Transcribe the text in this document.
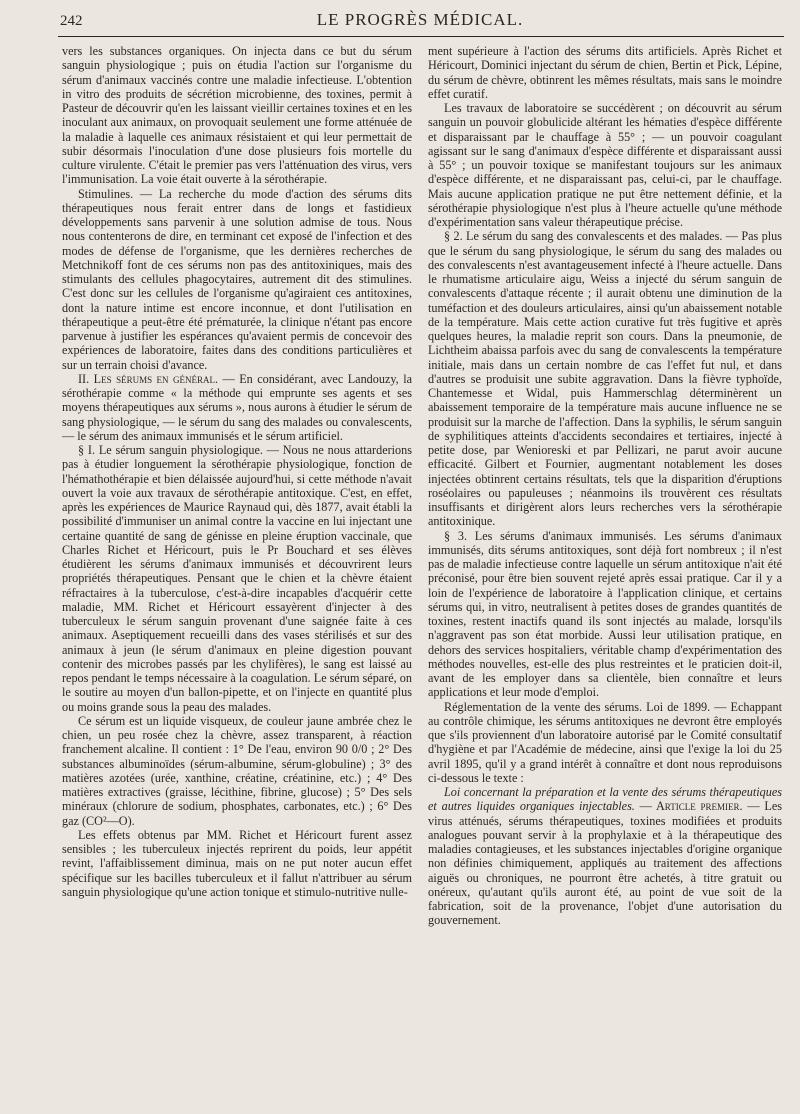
242	LE PROGRÈS MÉDICAL.

vers les substances organiques. On injecta dans ce but du sérum sanguin physiologique ; puis on étudia l'action sur l'organisme du sérum d'animaux vaccinés contre une maladie infectieuse. L'obtention in vitro des produits de sécrétion microbienne, des toxines, permit à Pasteur de découvrir qu'en les laissant vieillir certaines toxines et en les inoculant aux animaux, on provoquait seulement une forme atténuée de la maladie à laquelle ces animaux résistaient et qui leur permettait de subir désormais l'inoculation d'une dose plusieurs fois mortelle du culture virulente. C'était le premier pas vers l'atténuation des virus, vers l'immunisation. La voie était ouverte à la sérothérapie.

Stimulines. — La recherche du mode d'action des sérums dits thérapeutiques nous ferait entrer dans de longs et fastidieux développements sans parvenir à une solution admise de tous. Nous nous contenterons de dire, en terminant cet exposé de l'infection et des modes de défense de l'organisme, que les dernières recherches de Metchnikoff font de ces sérums non pas des antitoxiniques, mais des stimulants des cellules phagocytaires, autrement dit des stimulines. C'est donc sur les cellules de l'organisme qu'agiraient ces antitoxines, dont la nature intime est encore inconnue, et dont l'utilisation en thérapeutique a peut-être été prématurée, la clinique n'étant pas encore parvenue à justifier les espérances qu'avaient permis de concevoir des expériences de laboratoire, faites dans des conditions particulières et sur un terrain choisi d'avance.

II. Les sérums en général. — En considérant, avec Landouzy, la sérothérapie comme « la méthode qui emprunte ses agents et ses moyens thérapeutiques aux sérums », nous aurons à étudier le sérum de sang physiologique, — le sérum du sang des malades ou convalescents, — le sérum des animaux immunisés et le sérum artificiel.

§ I. Le sérum sanguin physiologique. — Nous ne nous attarderions pas à étudier longuement la sérothérapie physiologique, fonction de l'hémathothérapie et bien délaissée aujourd'hui, si cette méthode n'avait ouvert la voie aux travaux de sérothérapie antitoxique. C'est, en effet, après les expériences de Maurice Raynaud qui, dès 1877, avait établi la possibilité d'immuniser un animal contre la vaccine en lui injectant une certaine quantité de sang de génisse en pleine éruption vaccinale, que Charles Richet et Héricourt, puis le Pr Bouchard et ses élèves étudièrent les sérums d'animaux immunisés et découvrirent leurs propriétés thérapeutiques. Pensant que le chien et la chèvre étaient réfractaires à la tuberculose, c'est-à-dire incapables d'acquérir cette maladie, MM. Richet et Héricourt essayèrent d'injecter à des tuberculeux le sérum sanguin provenant d'une saignée faite à ces animaux. Aseptiquement recueilli dans des vases stérilisés et sur des animaux à jeun (le sérum d'animaux en pleine digestion pouvant contenir des microbes passés par les chylifères), le sang est laissé au repos pendant le temps nécessaire à la coagulation. Le sérum séparé, on le soutire au moyen d'un ballon-pipette, et on l'injecte en quantité plus ou moins grande sous la peau des malades.

Ce sérum est un liquide visqueux, de couleur jaune ambrée chez le chien, un peu rosée chez la chèvre, assez transparent, à réaction franchement alcaline. Il contient : 1° De l'eau, environ 90 0/0 ; 2° Des substances albuminoïdes (sérum-albumine, sérum-globuline) ; 3° des matières azotées (urée, xanthine, créatine, créatinine, etc.) ; 4° Des matières extractives (graisse, lécithine, fibrine, glucose) ; 5° Des sels minéraux (chlorure de sodium, phosphates, carbonates, etc.) ; 6° Des gaz (CO²—O).

Les effets obtenus par MM. Richet et Héricourt furent assez sensibles ; les tuberculeux injectés reprirent du poids, leur appétit revint, l'affaiblissement diminua, mais on ne put noter aucun effet spécifique sur les bacilles tuberculeux et il fallut n'attribuer au sérum sanguin physiologique qu'une action tonique et stimulo-nutritive nulle-

ment supérieure à l'action des sérums dits artificiels. Après Richet et Héricourt, Dominici injectant du sérum de chien, Bertin et Pick, Lépine, du sérum de chèvre, obtinrent les mêmes résultats, mais sans le moindre effet curatif.

Les travaux de laboratoire se succédèrent ; on découvrit au sérum sanguin un pouvoir globulicide altérant les hématies d'espèce différente et disparaissant par le chauffage à 55° ; — un pouvoir coagulant agissant sur le sang d'animaux d'espèce différente et disparaissant aussi à 55° ; un pouvoir toxique se manifestant toujours sur les animaux d'espèce différente, et ne disparaissant pas, celui-ci, par le chauffage. Mais aucune application pratique ne put être nettement définie, et la sérothérapie physiologique n'est plus à l'heure actuelle qu'une méthode d'expérimentation sans valeur thérapeutique précise.

§ 2. Le sérum du sang des convalescents et des malades. — Pas plus que le sérum du sang physiologique, le sérum du sang des malades ou des convalescents n'est avantageusement infecté à l'heure actuelle. Dans le rhumatisme articulaire aigu, Weiss a injecté du sérum sanguin de convalescents d'attaque récente ; il aurait obtenu une diminution de la tuméfaction et des douleurs articulaires, ainsi qu'un abaissement notable de la température. Mais cette action curative fut très fugitive et après quelques heures, la maladie reprit son cours. Dans la pneumonie, de Lichtheim abaissa parfois avec du sang de convalescents la température initiale, mais dans un certain nombre de cas l'effet fut nul, et dans d'autres se produisit une subite aggravation. Dans la fièvre typhoïde, Chantemesse et Widal, puis Hammerschlag déterminèrent un abaissement temporaire de la température mais aucune influence ne se produisit sur la marche de l'affection. Dans la syphilis, le sérum sanguin de syphilitiques atteints d'accidents secondaires et tertiaires, injecté à petite dose, par Wenioreski et par Pellizari, ne parut avoir aucune efficacité. Gilbert et Fournier, augmentant notablement les doses injectées obtinrent certains résultats, tels que la disparition d'éruptions roséolaires ou papuleuses ; néanmoins ils trouvèrent ces résultats insuffisants et dirigèrent alors leurs recherches vers la sérothérapie antitoxinique.

§ 3. Les sérums d'animaux immunisés. Les sérums d'animaux immunisés, dits sérums antitoxiques, sont déjà fort nombreux ; il n'est pas de maladie infectieuse contre laquelle un sérum antitoxique n'ait été préconisé, pour être bien souvent rejeté après essai pratique. Car il y a loin de l'expérience de laboratoire à l'application clinique, et certains sérums qui, in vitro, neutralisent à petites doses de grandes quantités de toxines, restent inactifs quand ils sont injectés au malade, lorsqu'ils n'aggravent pas son état morbide. Aussi leur utilisation pratique, en dehors des services hospitaliers, véritable champ d'expérimentation des méthodes nouvelles, est-elle des plus restreintes et le praticien doit-il, avant de les employer dans sa clientèle, bien connaître et leurs applications et leur mode d'emploi.

Réglementation de la vente des sérums. Loi de 1899. — Echappant au contrôle chimique, les sérums antitoxiques ne devront être employés que s'ils proviennent d'un laboratoire autorisé par le Comité consultatif d'hygiène et par l'Académie de médecine, ainsi que l'exige la loi du 25 avril 1895, qu'il y a grand intérêt à connaître et dont nous reproduisons ci-dessous le texte :

Loi concernant la préparation et la vente des sérums thérapeutiques et autres liquides organiques injectables. — Article premier. — Les virus atténués, sérums thérapeutiques, toxines modifiées et produits analogues pouvant servir à la prophylaxie et à la thérapeutique des maladies contagieuses, et les substances injectables d'origine organique non définies chimiquement, appliqués au traitement des affections aiguës ou chroniques, ne pourront être achetés, à titre gratuit ou onéreux, qu'autant qu'ils auront été, au point de vue soit de la fabrication, soit de la provenance, l'objet d'une autorisation du gouvernement.
